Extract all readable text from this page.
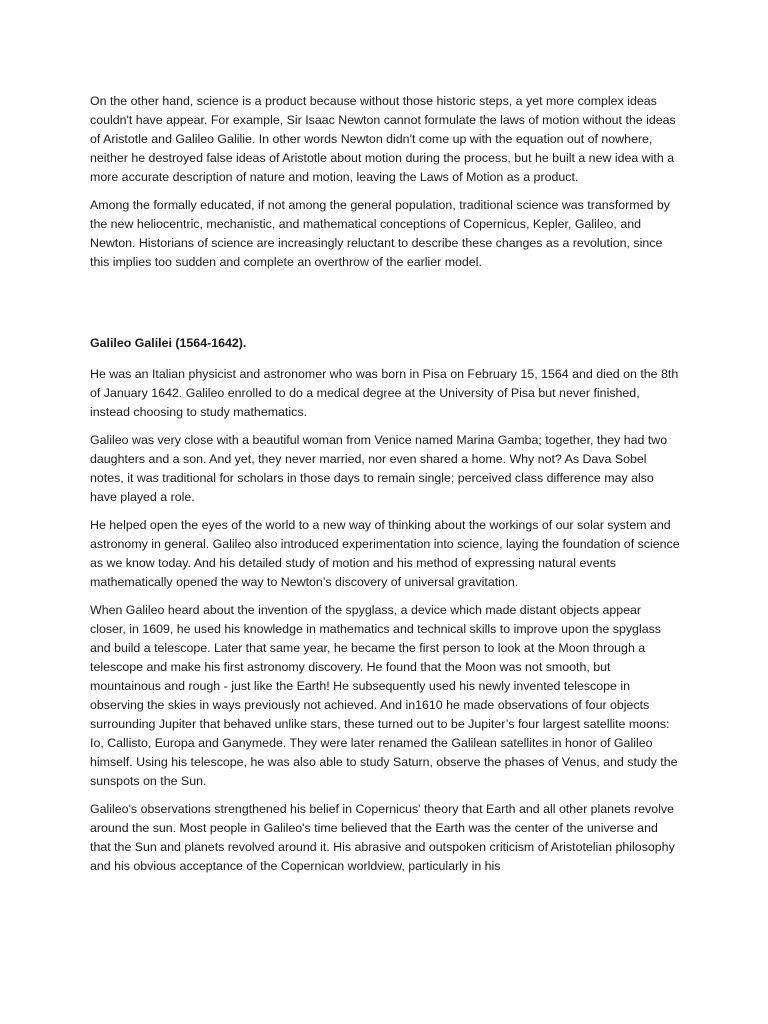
On the other hand, science is a product because without those historic steps, a yet more complex ideas couldn't have appear. For example, Sir Isaac Newton cannot formulate the laws of motion without the ideas of Aristotle and Galileo Galilie. In other words Newton didn't come up with the equation out of nowhere, neither he destroyed false ideas of Aristotle about motion during the process, but he built a new idea with a more accurate description of nature and motion, leaving the Laws of Motion as a product.

Among the formally educated, if not among the general population, traditional science was transformed by the new heliocentric, mechanistic, and mathematical conceptions of Copernicus, Kepler, Galileo, and Newton. Historians of science are increasingly reluctant to describe these changes as a revolution, since this implies too sudden and complete an overthrow of the earlier model.

Galileo Galilei (1564-1642).

He was an Italian physicist and astronomer who was born in Pisa on February 15, 1564 and died on the 8th of January 1642. Galileo enrolled to do a medical degree at the University of Pisa but never finished, instead choosing to study mathematics.

Galileo was very close with a beautiful woman from Venice named Marina Gamba; together, they had two daughters and a son. And yet, they never married, nor even shared a home. Why not? As Dava Sobel notes, it was traditional for scholars in those days to remain single; perceived class difference may also have played a role.

He helped open the eyes of the world to a new way of thinking about the workings of our solar system and astronomy in general. Galileo also introduced experimentation into science, laying the foundation of science as we know today. And his detailed study of motion and his method of expressing natural events mathematically opened the way to Newton’s discovery of universal gravitation.

When Galileo heard about the invention of the spyglass, a device which made distant objects appear closer, in 1609, he used his knowledge in mathematics and technical skills to improve upon the spyglass and build a telescope. Later that same year, he became the first person to look at the Moon through a telescope and make his first astronomy discovery. He found that the Moon was not smooth, but mountainous and rough - just like the Earth! He subsequently used his newly invented telescope in observing the skies in ways previously not achieved. And in1610 he made observations of four objects surrounding Jupiter that behaved unlike stars, these turned out to be Jupiter’s four largest satellite moons: Io, Callisto, Europa and Ganymede. They were later renamed the Galilean satellites in honor of Galileo himself. Using his telescope, he was also able to study Saturn, observe the phases of Venus, and study the sunspots on the Sun.

Galileo's observations strengthened his belief in Copernicus' theory that Earth and all other planets revolve around the sun. Most people in Galileo's time believed that the Earth was the center of the universe and that the Sun and planets revolved around it. His abrasive and outspoken criticism of Aristotelian philosophy and his obvious acceptance of the Copernican worldview, particularly in his
